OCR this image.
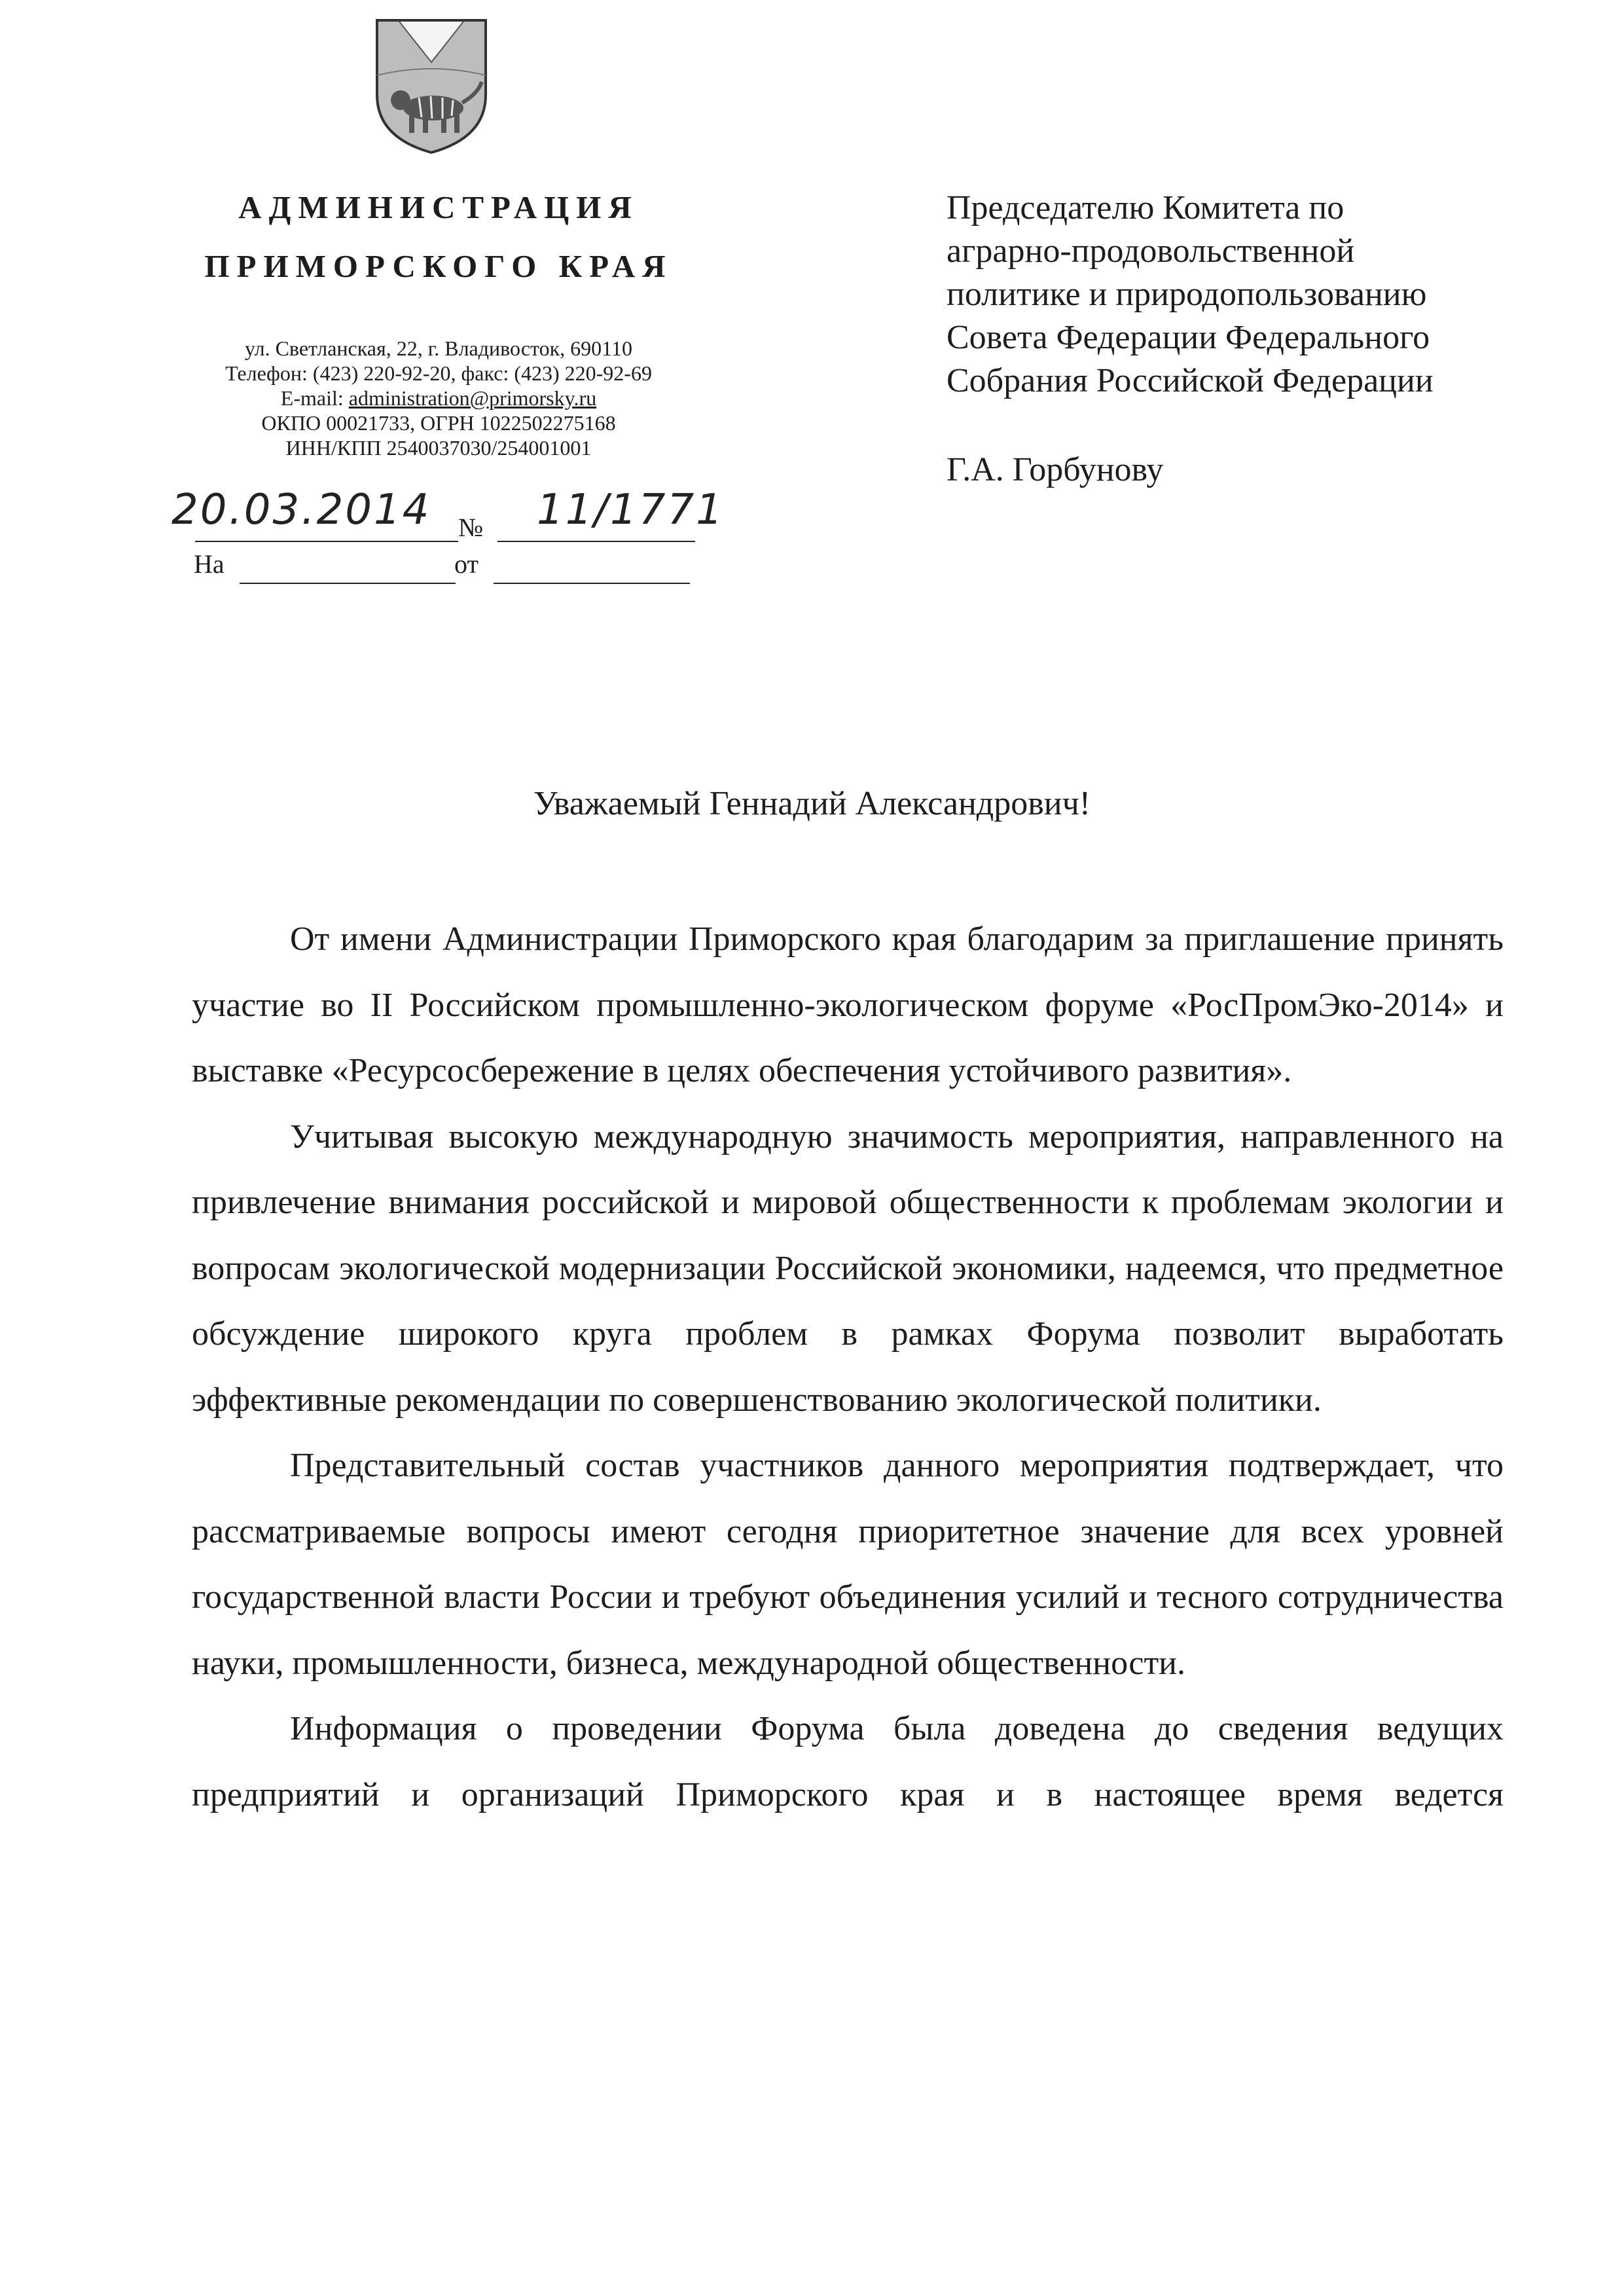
АДМИНИСТРАЦИЯ
ПРИМОРСКОГО КРАЯ
ул. Светланская, 22, г. Владивосток, 690110
Телефон: (423) 220-92-20, факс: (423) 220-92-69
E-mail: administration@primorsky.ru
ОКПО 00021733, ОГРН 1022502275168
ИНН/КПП 2540037030/254001001
20.03.2014 № 11/1771
На	от
Председателю Комитета по
аграрно-продовольственной
политике и природопользованию
Совета Федерации Федерального
Собрания Российской Федерации
Г.А. Горбунову
Уважаемый Геннадий Александрович!

От имени Администрации Приморского края благодарим за приглашение принять участие во II Российском промышленно-экологическом форуме «РосПромЭко-2014» и выставке «Ресурсосбережение в целях обеспечения устойчивого развития».

Учитывая высокую международную значимость мероприятия, направленного на привлечение внимания российской и мировой общественности к проблемам экологии и вопросам экологической модернизации Российской экономики, надеемся, что предметное обсуждение широкого круга проблем в рамках Форума позволит выработать эффективные рекомендации по совершенствованию экологической политики.

Представительный состав участников данного мероприятия подтверждает, что рассматриваемые вопросы имеют сегодня приоритетное значение для всех уровней государственной власти России и требуют объединения усилий и тесного сотрудничества науки, промышленности, бизнеса, международной общественности.

Информация о проведении Форума была доведена до сведения ведущих предприятий и организаций Приморского края и в настоящее время ведется
